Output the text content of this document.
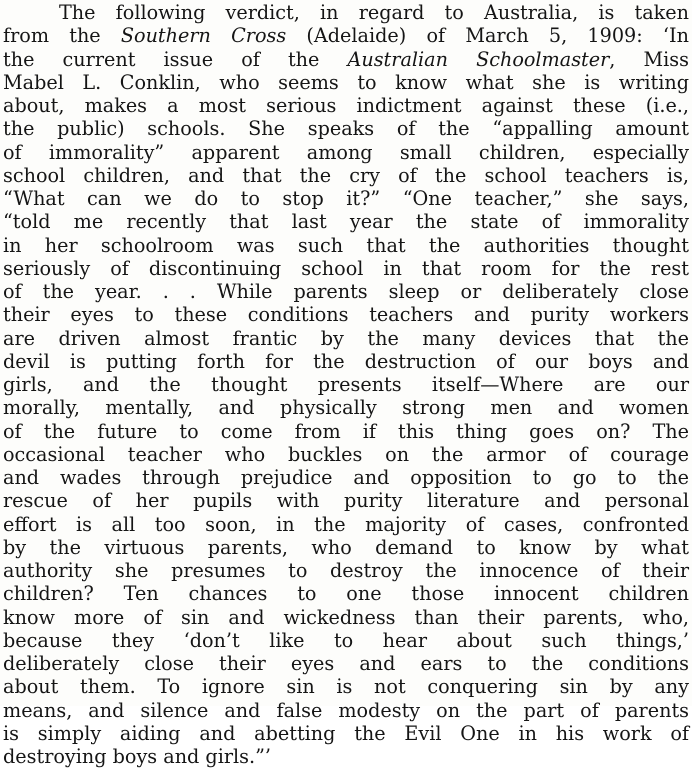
The following verdict, in regard to Australia, is taken
from the Southern Cross (Adelaide) of March 5, 1909: ‘In
the current issue of the Australian Schoolmaster, Miss
Mabel L. Conklin, who seems to know what she is writing
about, makes a most serious indictment against these (i.e.,
the public) schools. She speaks of the “appalling amount
of immorality” apparent among small children, especially
school children, and that the cry of the school teachers is,
“What can we do to stop it?” “One teacher,” she says,
“told me recently that last year the state of immorality
in her schoolroom was such that the authorities thought
seriously of discontinuing school in that room for the rest
of the year. . . While parents sleep or deliberately close
their eyes to these conditions teachers and purity workers
are driven almost frantic by the many devices that the
devil is putting forth for the destruction of our boys and
girls, and the thought presents itself—Where are our
morally, mentally, and physically strong men and women
of the future to come from if this thing goes on? The
occasional teacher who buckles on the armor of courage
and wades through prejudice and opposition to go to the
rescue of her pupils with purity literature and personal
effort is all too soon, in the majority of cases, confronted
by the virtuous parents, who demand to know by what
authority she presumes to destroy the innocence of their
children? Ten chances to one those innocent children
know more of sin and wickedness than their parents, who,
because they ‘don’t like to hear about such things,’
deliberately close their eyes and ears to the conditions
about them. To ignore sin is not conquering sin by any
means, and silence and false modesty on the part of parents
is simply aiding and abetting the Evil One in his work of
destroying boys and girls.”’
